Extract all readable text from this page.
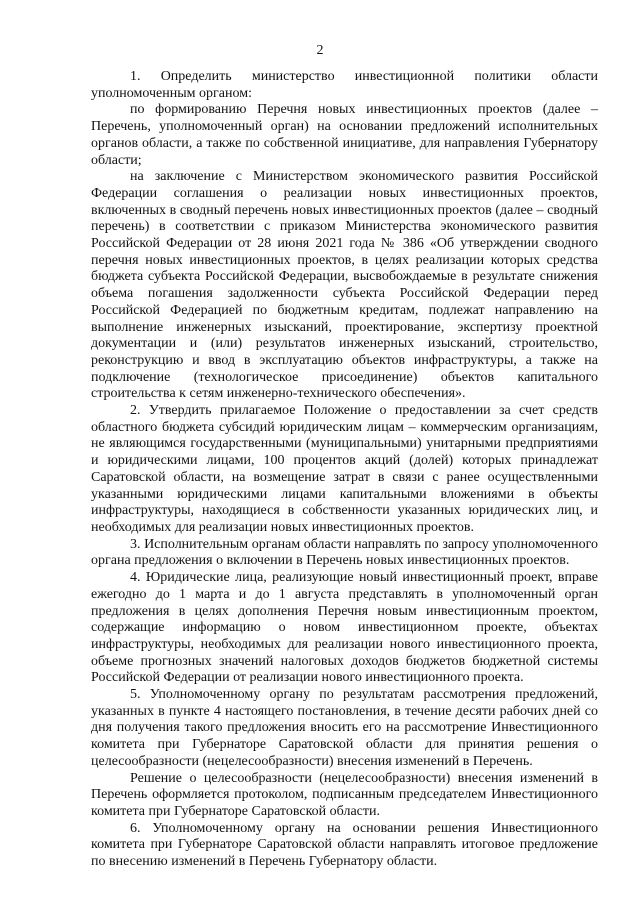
2

1. Определить министерство инвестиционной политики области уполномоченным органом:

по формированию Перечня новых инвестиционных проектов (далее – Перечень, уполномоченный орган) на основании предложений исполнительных органов области, а также по собственной инициативе, для направления Губернатору области;

на заключение с Министерством экономического развития Российской Федерации соглашения о реализации новых инвестиционных проектов, включенных в сводный перечень новых инвестиционных проектов (далее – сводный перечень) в соответствии с приказом Министерства экономического развития Российской Федерации от 28 июня 2021 года № 386 «Об утверждении сводного перечня новых инвестиционных проектов, в целях реализации которых средства бюджета субъекта Российской Федерации, высвобождаемые в результате снижения объема погашения задолженности субъекта Российской Федерации перед Российской Федерацией по бюджетным кредитам, подлежат направлению на выполнение инженерных изысканий, проектирование, экспертизу проектной документации и (или) результатов инженерных изысканий, строительство, реконструкцию и ввод в эксплуатацию объектов инфраструктуры, а также на подключение (технологическое присоединение) объектов капитального строительства к сетям инженерно-технического обеспечения».

2. Утвердить прилагаемое Положение о предоставлении за счет средств областного бюджета субсидий юридическим лицам – коммерческим организациям, не являющимся государственными (муниципальными) унитарными предприятиями и юридическими лицами, 100 процентов акций (долей) которых принадлежат Саратовской области, на возмещение затрат в связи с ранее осуществленными указанными юридическими лицами капитальными вложениями в объекты инфраструктуры, находящиеся в собственности указанных юридических лиц, и необходимых для реализации новых инвестиционных проектов.

3. Исполнительным органам области направлять по запросу уполномоченного органа предложения о включении в Перечень новых инвестиционных проектов.

4. Юридические лица, реализующие новый инвестиционный проект, вправе ежегодно до 1 марта и до 1 августа представлять в уполномоченный орган предложения в целях дополнения Перечня новым инвестиционным проектом, содержащие информацию о новом инвестиционном проекте, объектах инфраструктуры, необходимых для реализации нового инвестиционного проекта, объеме прогнозных значений налоговых доходов бюджетов бюджетной системы Российской Федерации от реализации нового инвестиционного проекта.

5. Уполномоченному органу по результатам рассмотрения предложений, указанных в пункте 4 настоящего постановления, в течение десяти рабочих дней со дня получения такого предложения вносить его на рассмотрение Инвестиционного комитета при Губернаторе Саратовской области для принятия решения о целесообразности (нецелесообразности) внесения изменений в Перечень.

Решение о целесообразности (нецелесообразности) внесения изменений в Перечень оформляется протоколом, подписанным председателем Инвестиционного комитета при Губернаторе Саратовской области.

6. Уполномоченному органу на основании решения Инвестиционного комитета при Губернаторе Саратовской области направлять итоговое предложение по внесению изменений в Перечень Губернатору области.
